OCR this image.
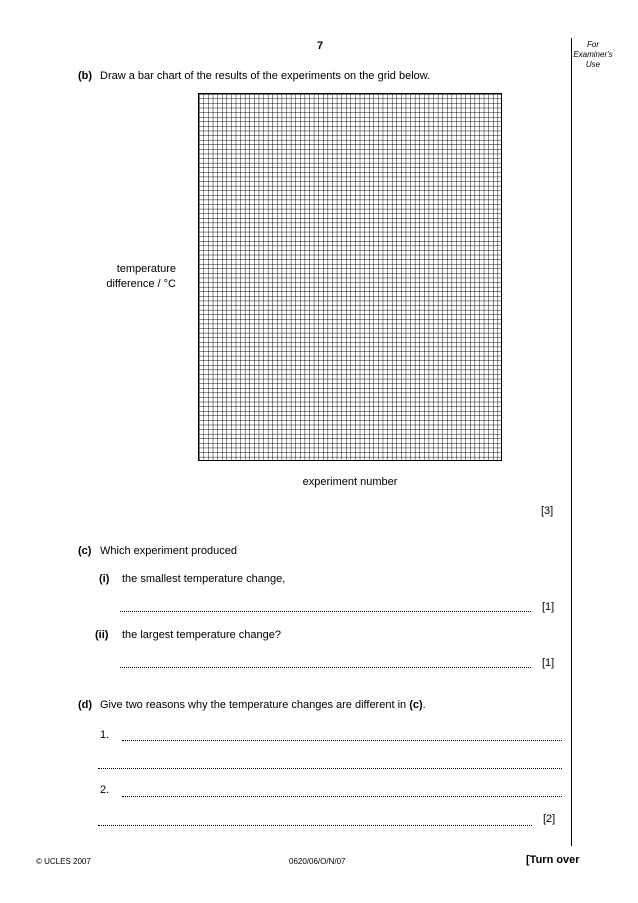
7	For
Examiner's
Use
(b) Draw a bar chart of the results of the experiments on the grid below.
temperature
difference / °C
experiment number
[3]
(c) Which experiment produced
(i) the smallest temperature change,
[1]
(ii) the largest temperature change?
[1]
(d) Give two reasons why the temperature changes are different in (c).
1.
2.
[2]
© UCLES 2007	0620/06/O/N/07	[Turn over
